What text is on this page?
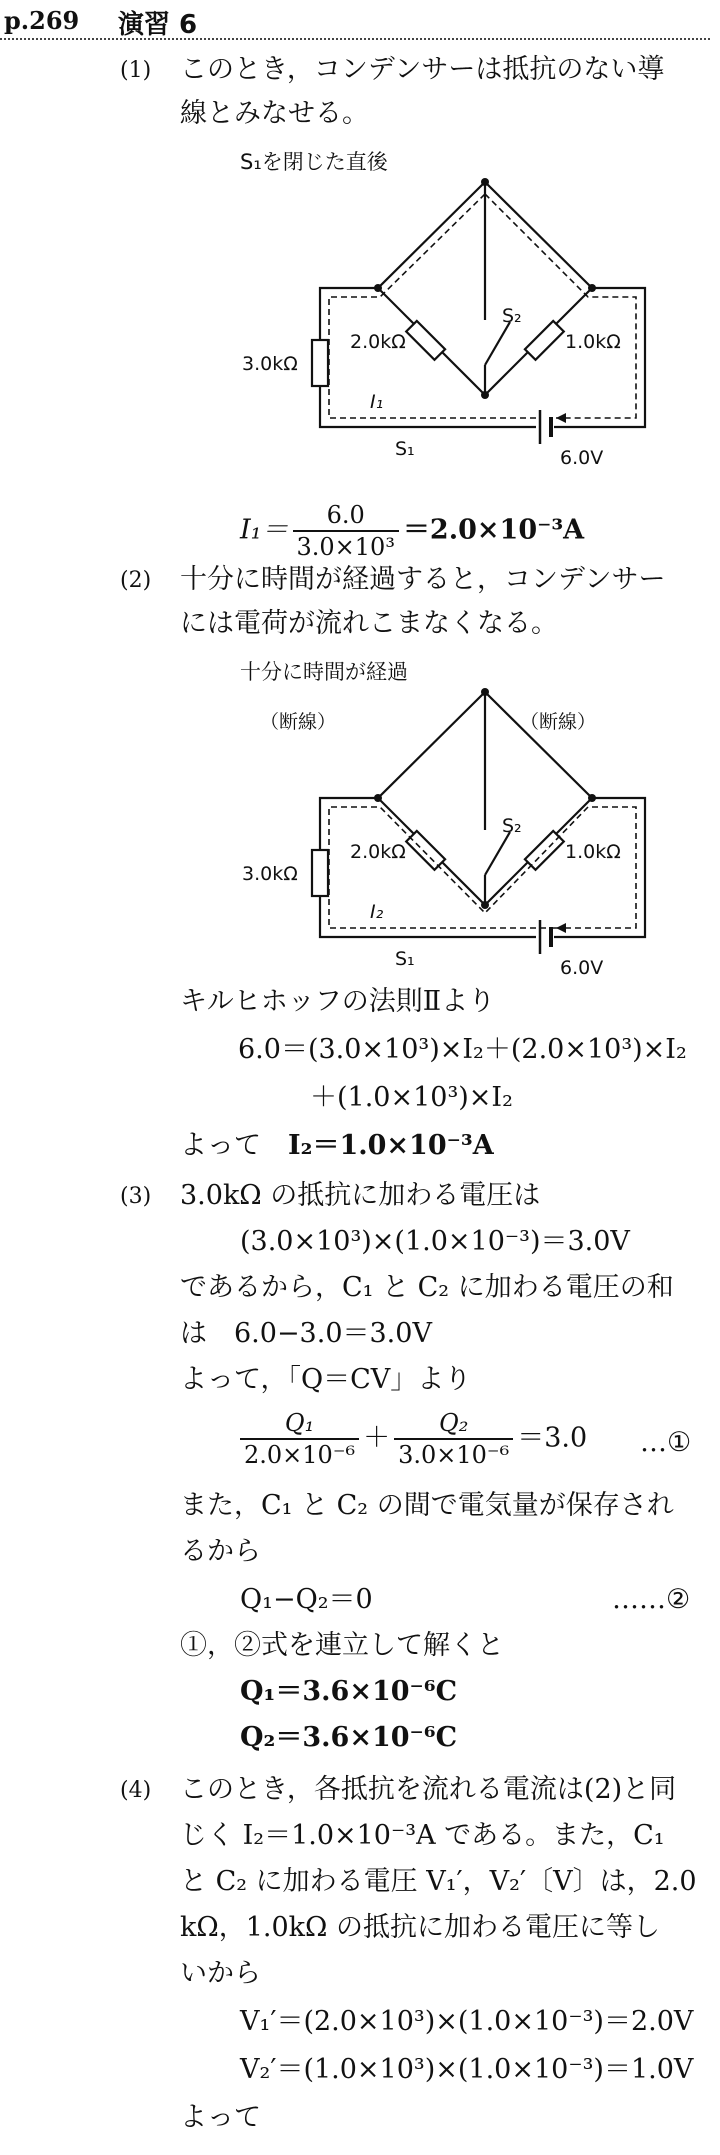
p.269 演習 6
(1) このとき，コンデンサーは抵抗のない導
線とみなせる。
S₁を閉じた直後
3.0kΩ
2.0kΩ	1.0kΩ
S₂
I₁
S₁	6.0V
$I_1= \frac{6.0}{\text{3.0×10³}} =2.0\times 10^{-3}A$
(2) 十分に時間が経過すると，コンデンサー
には電荷が流れこまなくなる。
十分に時間が経過
（断線）	（断線）
3.0kΩ
2.0kΩ	1.0kΩ
S₂
I₂
S₁	6.0V
キルヒホッフの法則Ⅱより
6.0＝(3.0×10³)×I₂＋(2.0×10³)×I₂
＋(1.0×10³)×I₂
よって　 I₂＝1.0×10⁻³A
(3) 3.0kΩ の抵抗に加わる電圧は
(3.0×10³)×(1.0×10⁻³)＝3.0V
であるから，C₁ と C₂ に加わる電圧の和
は　6.0−3.0＝3.0V
よって，「Q＝CV」より
$\frac{\text{Q₁}}{\text{2.0×10⁻⁶}} + \frac{\text{Q₂}}{\text{3.0×10⁻⁶}} =3.0$ …①
また，C₁ と C₂ の間で電気量が保存され
るから
Q₁−Q₂＝0	……②
①，②式を連立して解くと
Q₁＝3.6×10⁻⁶C
Q₂＝3.6×10⁻⁶C
(4) このとき，各抵抗を流れる電流は(2)と同
じく I₂＝1.0×10⁻³A である。また，C₁
と C₂ に加わる電圧 V₁′，V₂′〔V〕は，2.0
kΩ，1.0kΩ の抵抗に加わる電圧に等し
いから
V₁′＝(2.0×10³)×(1.0×10⁻³)＝2.0V
V₂′＝(1.0×10³)×(1.0×10⁻³)＝1.0V
よって
